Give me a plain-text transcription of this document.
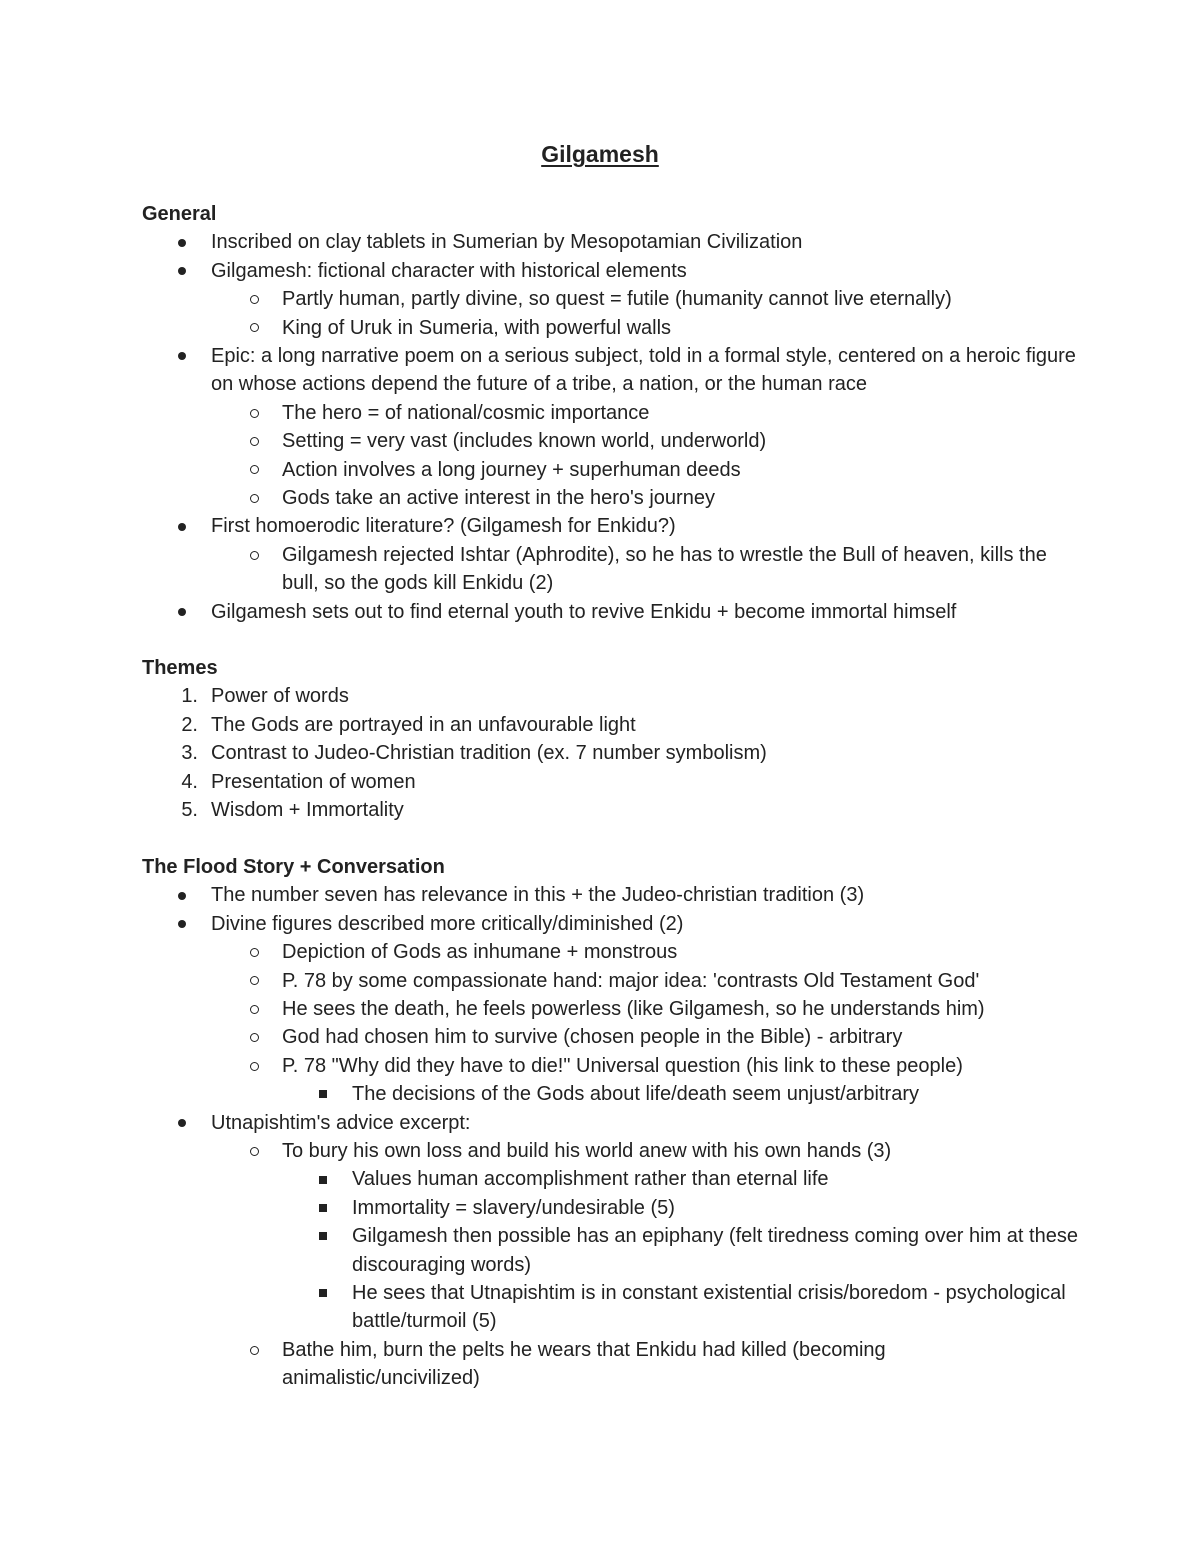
Gilgamesh
General
Inscribed on clay tablets in Sumerian by Mesopotamian Civilization
Gilgamesh: fictional character with historical elements
Partly human, partly divine, so quest = futile (humanity cannot live eternally)
King of Uruk in Sumeria, with powerful walls
Epic: a long narrative poem on a serious subject, told in a formal style, centered on a heroic figure on whose actions depend the future of a tribe, a nation, or the human race
The hero = of national/cosmic importance
Setting = very vast (includes known world, underworld)
Action involves a long journey + superhuman deeds
Gods take an active interest in the hero's journey
First homoerodic literature? (Gilgamesh for Enkidu?)
Gilgamesh rejected Ishtar (Aphrodite), so he has to wrestle the Bull of heaven, kills the bull, so the gods kill Enkidu (2)
Gilgamesh sets out to find eternal youth to revive Enkidu + become immortal himself
Themes
1. Power of words
2. The Gods are portrayed in an unfavourable light
3. Contrast to Judeo-Christian tradition (ex. 7 number symbolism)
4. Presentation of women
5. Wisdom + Immortality
The Flood Story + Conversation
The number seven has relevance in this + the Judeo-christian tradition (3)
Divine figures described more critically/diminished (2)
Depiction of Gods as inhumane + monstrous
P. 78 by some compassionate hand: major idea: 'contrasts Old Testament God'
He sees the death, he feels powerless (like Gilgamesh, so he understands him)
God had chosen him to survive (chosen people in the Bible) - arbitrary
P. 78 "Why did they have to die!" Universal question (his link to these people)
The decisions of the Gods about life/death seem unjust/arbitrary
Utnapishtim's advice excerpt:
To bury his own loss and build his world anew with his own hands (3)
Values human accomplishment rather than eternal life
Immortality = slavery/undesirable (5)
Gilgamesh then possible has an epiphany (felt tiredness coming over him at these discouraging words)
He sees that Utnapishtim is in constant existential crisis/boredom - psychological battle/turmoil (5)
Bathe him, burn the pelts he wears that Enkidu had killed (becoming animalistic/uncivilized)
